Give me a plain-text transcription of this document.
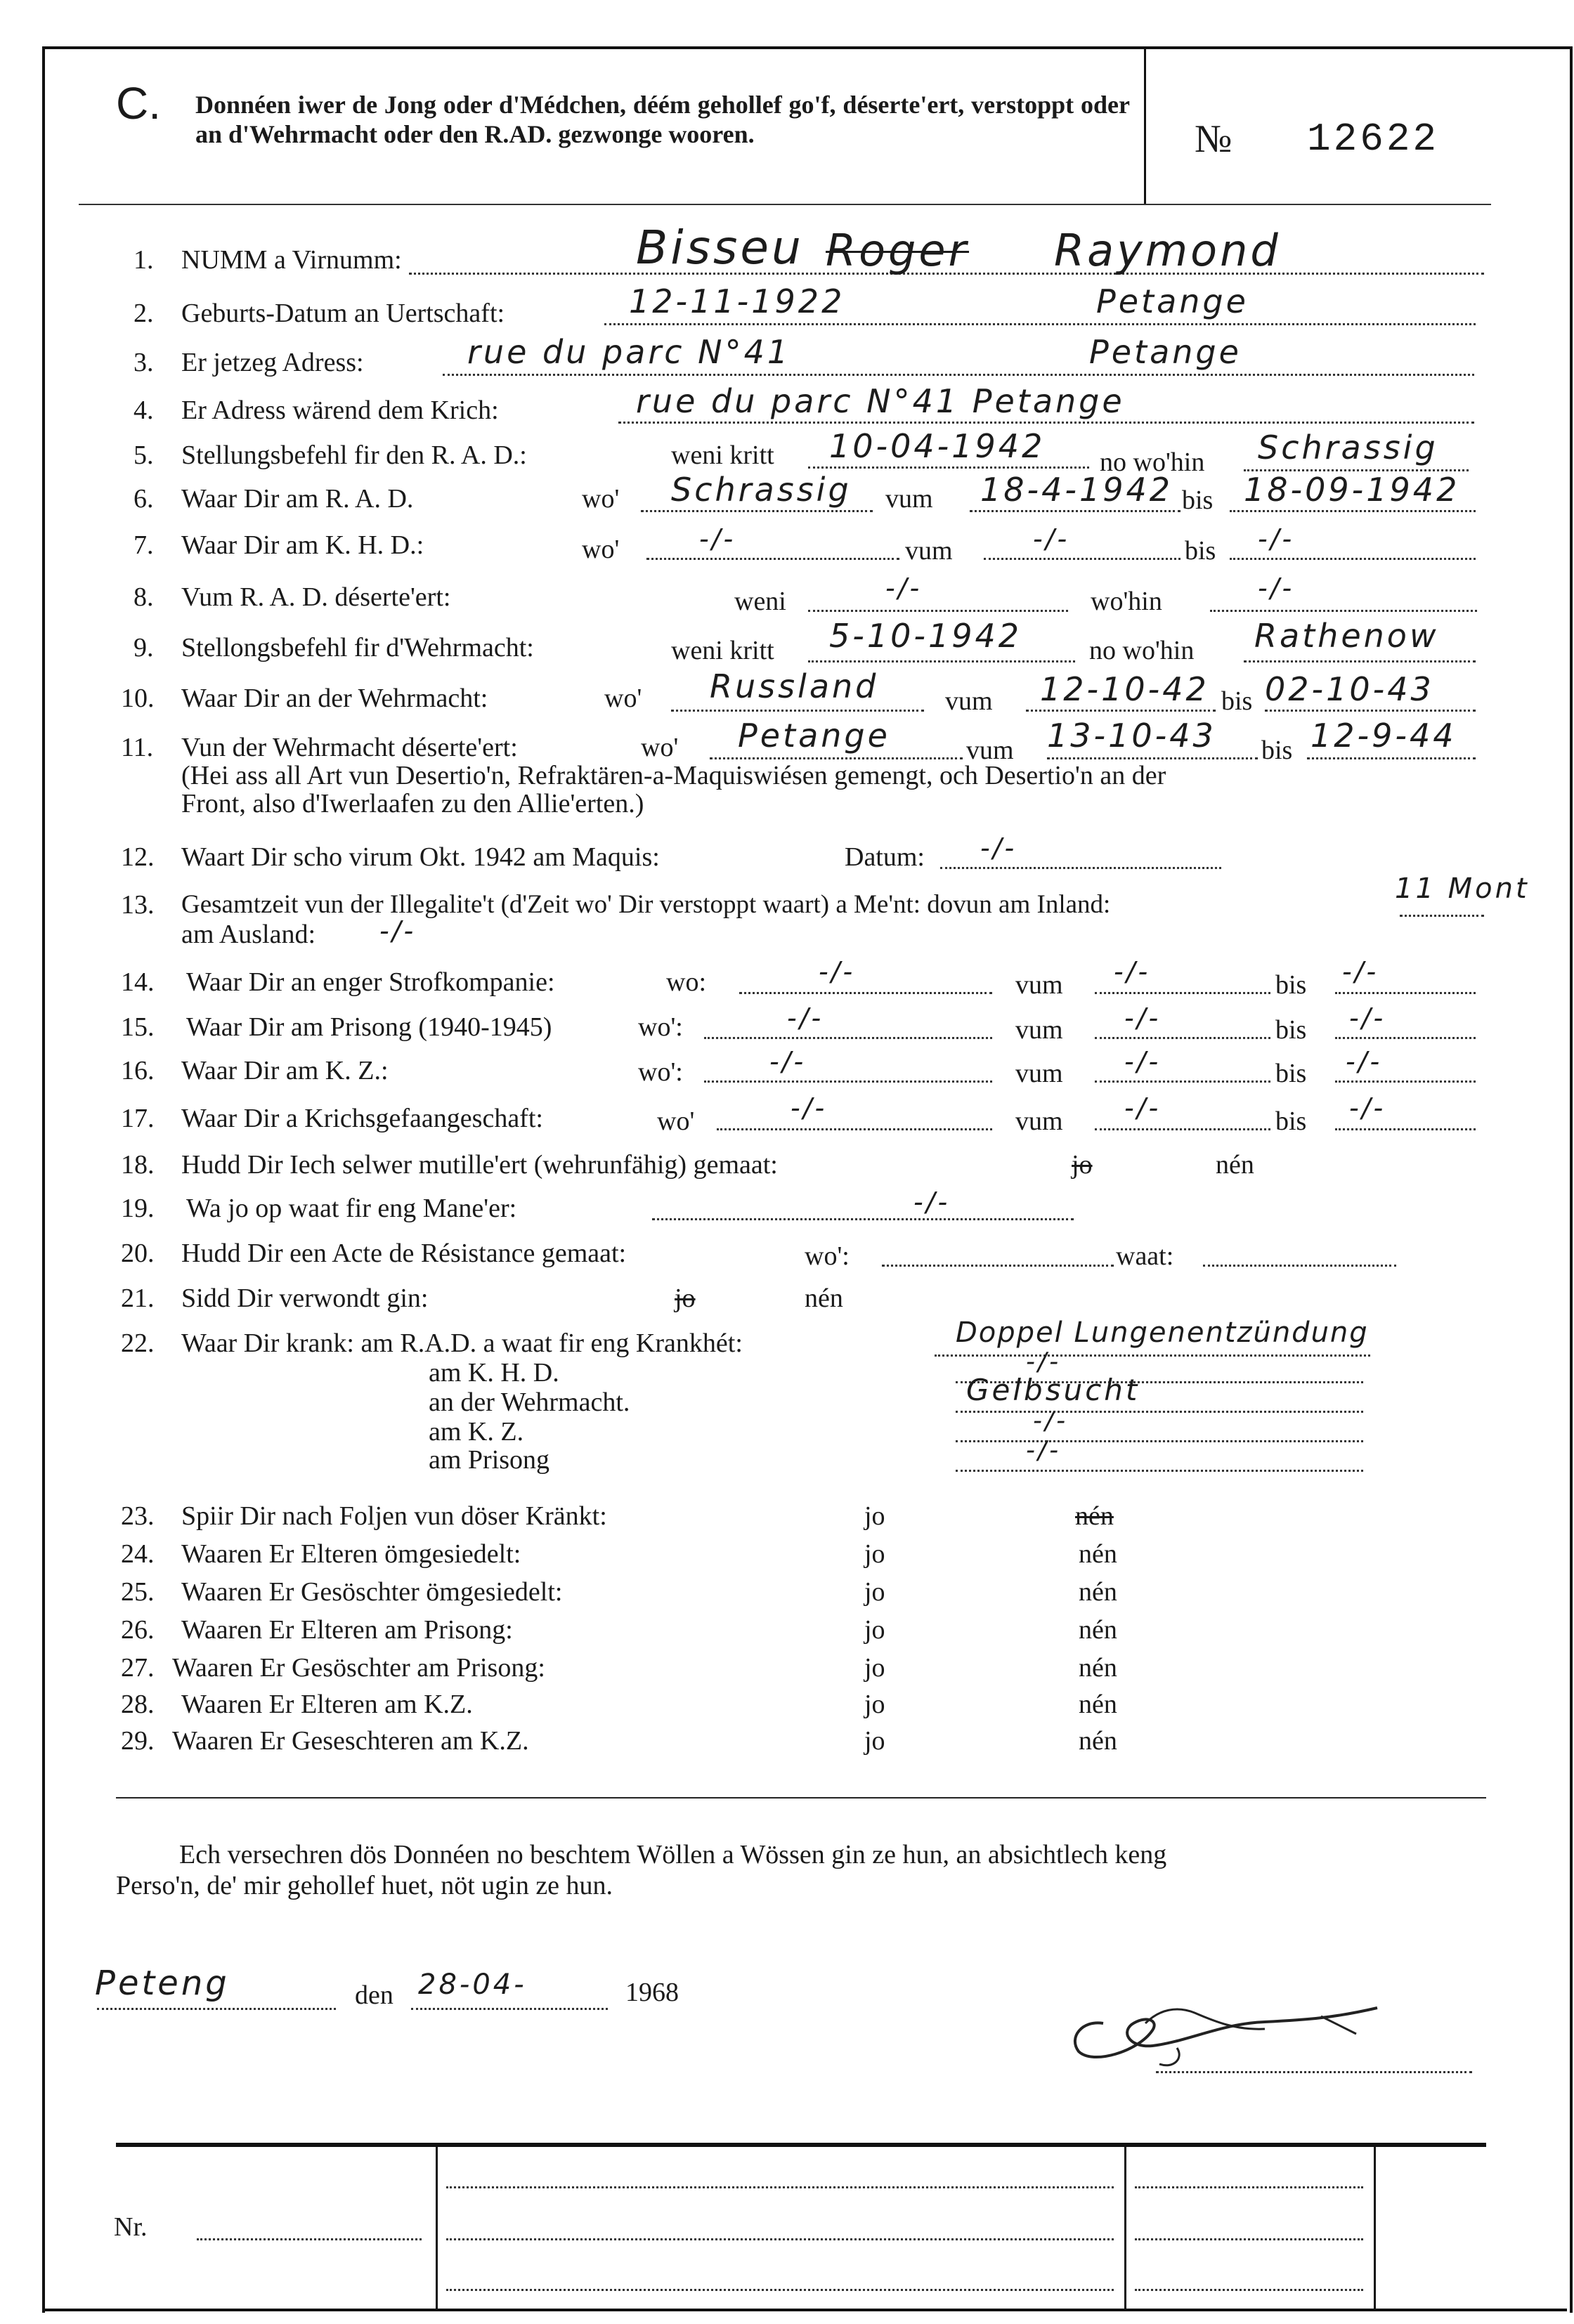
C. Donnéen iwer de Jong oder d'Médchen, déém gehollef go'f, déserte'ert, verstoppt oder an d'Wehrmacht oder den R.AD. gezwonge wooren.	№ 12622
1. NUMM a Virnumm:	Bisseu Roger Raymond
2. Geburts-Datum an Uertschaft:	12-11-1922	Petange
3. Er jetzeg Adress:	rue du parc N°41	Petange
4. Er Adress wärend dem Krich:	rue du parc N°41 Petange
5. Stellungsbefehl fir den R. A. D.:	weni kritt 10-04-1942 no wo'hin Schrassig
6. Waar Dir am R. A. D.	wo' Schrassig vum 18-4-1942 bis 18-09-1942
7. Waar Dir am K. H. D.:	wo'	-/-	vum	-/-	bis -/-
8. Vum R. A. D. déserte'ert:	weni	-/-	wo'hin	-/-
9. Stellongsbefehl fir d'Wehrmacht:	weni kritt 5-10-1942	no wo'hin Rathenow
10. Waar Dir an der Wehrmacht:	wo' Russland vum 12-10-42 bis 02-10-43
11. Vun der Wehrmacht déserte'ert:	wo' Petange	vum 13-10-43 bis 12-9-44
(Hei ass all Art vun Desertio'n, Refraktären-a-Maquiswiésen gemengt, och Desertio'n an der
Front, also d'Iwerlaafen zu den Allie'erten.)
12. Waart Dir scho virum Okt. 1942 am Maquis:	Datum: -/-
13. Gesamtzeit vun der Illegalite't (d'Zeit wo' Dir verstoppt waart) a Me'nt: dovun am Inland:	11 Mont
am Ausland: -/-
14. Waar Dir an enger Strofkompanie:	wo:	-/-	vum -/-	bis -/-
15. Waar Dir am Prisong (1940-1945)	wo':	-/-	vum -/-	bis -/-
16. Waar Dir am K. Z.:	wo':	-/-	vum -/-	bis -/-
17. Waar Dir a Krichsgefaangeschaft:	wo'	-/-	vum -/-	bis -/-
18. Hudd Dir Iech selwer mutille'ert (wehrunfähig) gemaat:	jo	nén
19. Wa jo op waat fir eng Mane'er:	-/-
20. Hudd Dir een Acte de Résistance gemaat:	wo':	waat:
21. Sidd Dir verwondt gin:	jo	nén
22. Waar Dir krank: am R.A.D. a waat fir eng Krankhét:	Doppel Lungenentzündung
am K. H. D.	-/-
an der Wehrmacht.	Gelbsucht
am K. Z.	-/-
am Prisong	-/-
23. Spiir Dir nach Foljen vun döser Kränkt:	jo	nén
24. Waaren Er Elteren ömgesiedelt:	jo	nén
25. Waaren Er Gesöschter ömgesiedelt:	jo	nén
26. Waaren Er Elteren am Prisong:	jo	nén
27. Waaren Er Gesöschter am Prisong:	jo	nén
28. Waaren Er Elteren am K.Z.	jo	nén
29. Waaren Er Geseschteren am K.Z.	jo	nén
Ech versechren dös Donnéen no beschtem Wöllen a Wössen gin ze hun, an absichtlech keng
Perso'n, de' mir gehollef huet, nöt ugin ze hun.
Peteng	den 28-04-	1968
Nr.
